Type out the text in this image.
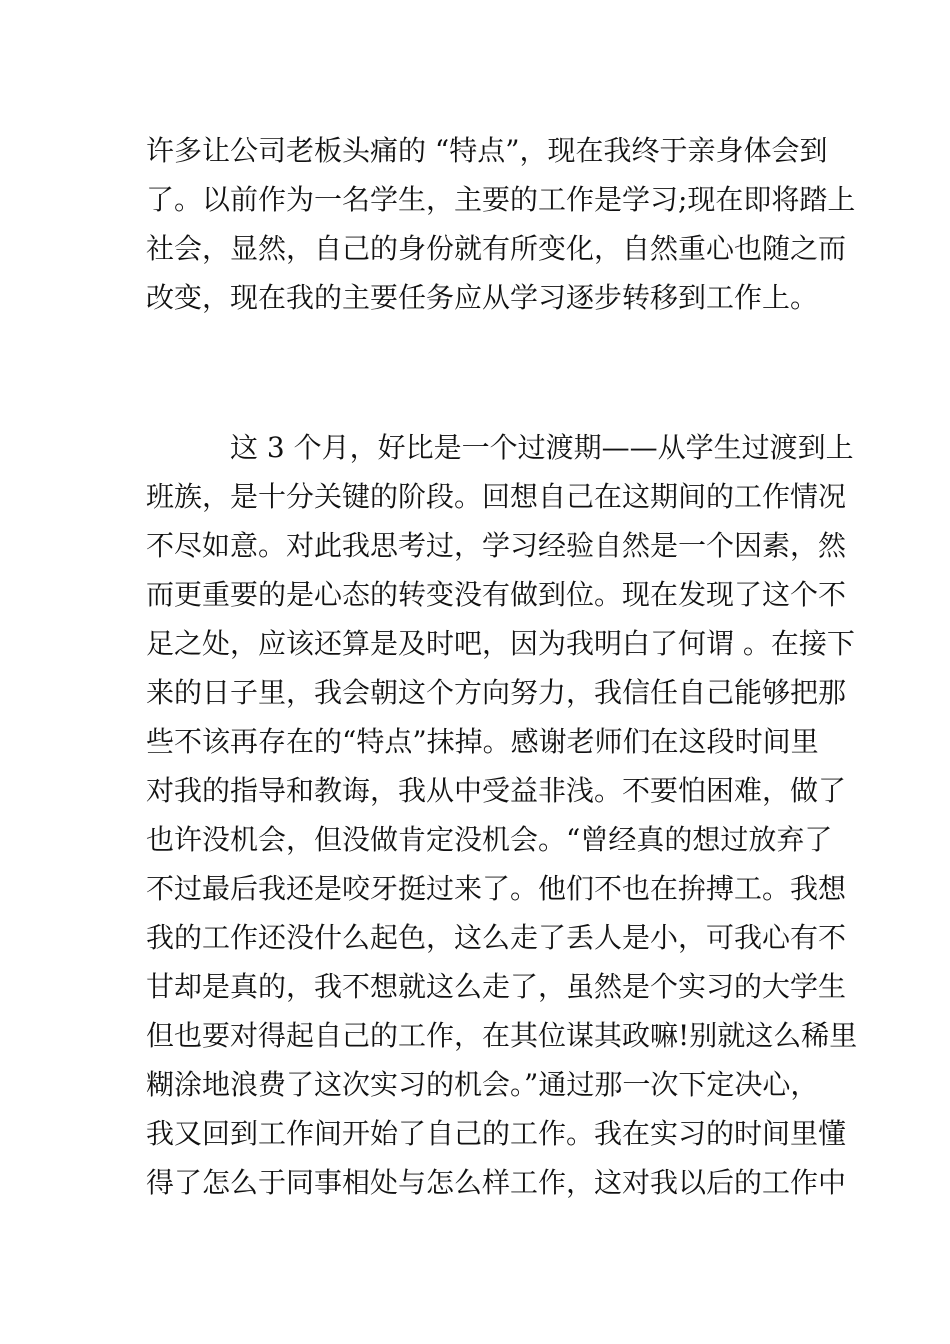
许多让公司老板头痛的 “特点”，现在我终于亲身体会到
了。以前作为一名学生，主要的工作是学习;现在即将踏上
社会，显然，自己的身份就有所变化，自然重心也随之而
改变，现在我的主要任务应从学习逐步转移到工作上。
这 3 个月，好比是一个过渡期——从学生过渡到上
班族，是十分关键的阶段。回想自己在这期间的工作情况
不尽如意。对此我思考过，学习经验自然是一个因素，然
而更重要的是心态的转变没有做到位。现在发现了这个不
足之处，应该还算是及时吧，因为我明白了何谓 。在接下
来的日子里，我会朝这个方向努力，我信任自己能够把那
些不该再存在的“特点”抹掉。感谢老师们在这段时间里
对我的指导和教诲，我从中受益非浅。不要怕困难，做了
也许没机会，但没做肯定没机会。“曾经真的想过放弃了
不过最后我还是咬牙挺过来了。他们不也在拚搏工。我想
我的工作还没什么起色，这么走了丢人是小，可我心有不
甘却是真的，我不想就这么走了，虽然是个实习的大学生
但也要对得起自己的工作，在其位谋其政嘛!别就这么稀里
糊涂地浪费了这次实习的机会。”通过那一次下定决心，
我又回到工作间开始了自己的工作。我在实习的时间里懂
得了怎么于同事相处与怎么样工作，这对我以后的工作中
